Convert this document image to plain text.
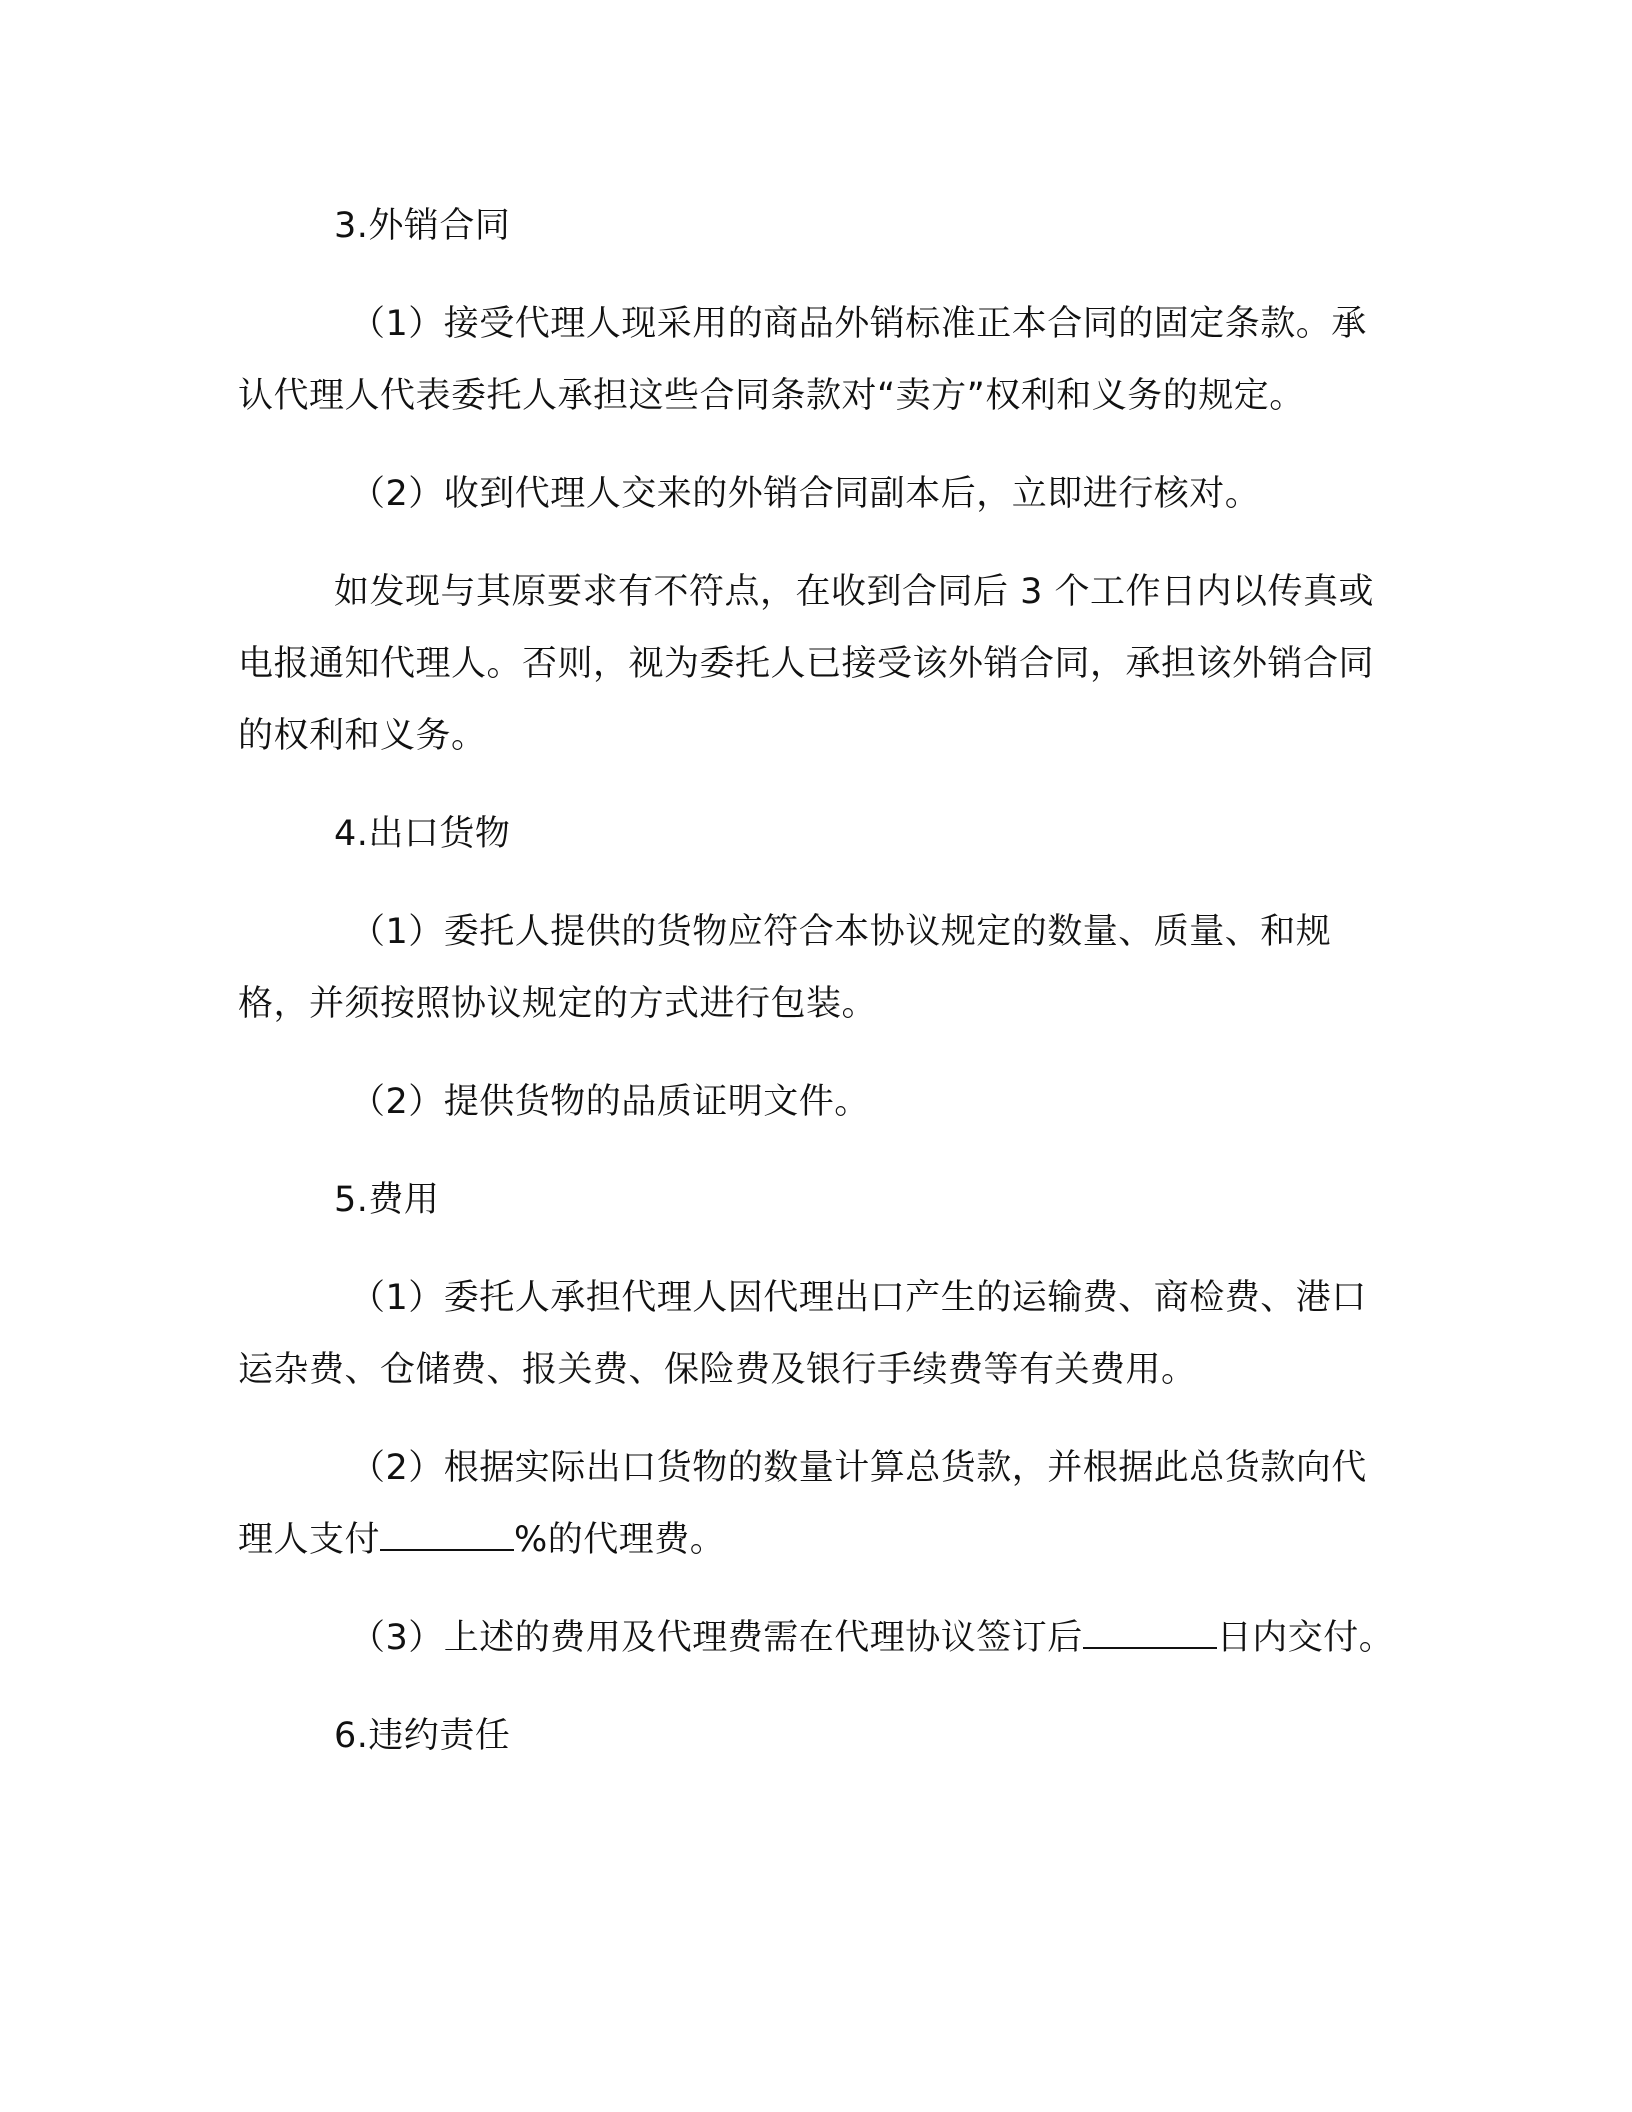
3.外销合同

（1）接受代理人现采用的商品外销标准正本合同的固定条款。承认代理人代表委托人承担这些合同条款对“卖方”权利和义务的规定。

（2）收到代理人交来的外销合同副本后，立即进行核对。

如发现与其原要求有不符点，在收到合同后 3 个工作日内以传真或电报通知代理人。否则，视为委托人已接受该外销合同，承担该外销合同的权利和义务。

4.出口货物

（1）委托人提供的货物应符合本协议规定的数量、质量、和规格，并须按照协议规定的方式进行包装。

（2）提供货物的品质证明文件。

5.费用

（1）委托人承担代理人因代理出口产生的运输费、商检费、港口运杂费、仓储费、报关费、保险费及银行手续费等有关费用。

（2）根据实际出口货物的数量计算总货款，并根据此总货款向代理人支付	%的代理费。

（3）上述的费用及代理费需在代理协议签订后	日内交付。

6.违约责任
